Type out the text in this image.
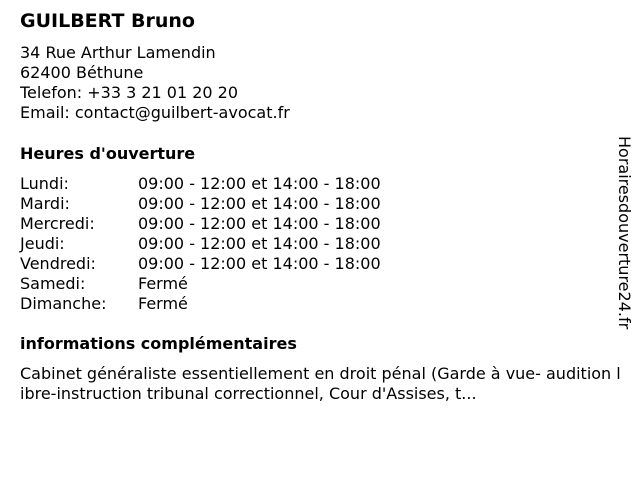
GUILBERT Bruno
34 Rue Arthur Lamendin
62400 Béthune
Telefon: +33 3 21 01 20 20
Email: contact@guilbert-avocat.fr
Heures d'ouverture
Lundi:	09:00 - 12:00 et 14:00 - 18:00
Mardi:	09:00 - 12:00 et 14:00 - 18:00
Mercredi:	09:00 - 12:00 et 14:00 - 18:00
Jeudi:	09:00 - 12:00 et 14:00 - 18:00
Vendredi:	09:00 - 12:00 et 14:00 - 18:00
Samedi:	Fermé
Dimanche: Fermé
informations complémentaires
Cabinet généraliste essentiellement en droit pénal (Garde à vue- audition libre-instruction tribunal correctionnel, Cour d'Assises, t...
Horairesdouverture24.fr
